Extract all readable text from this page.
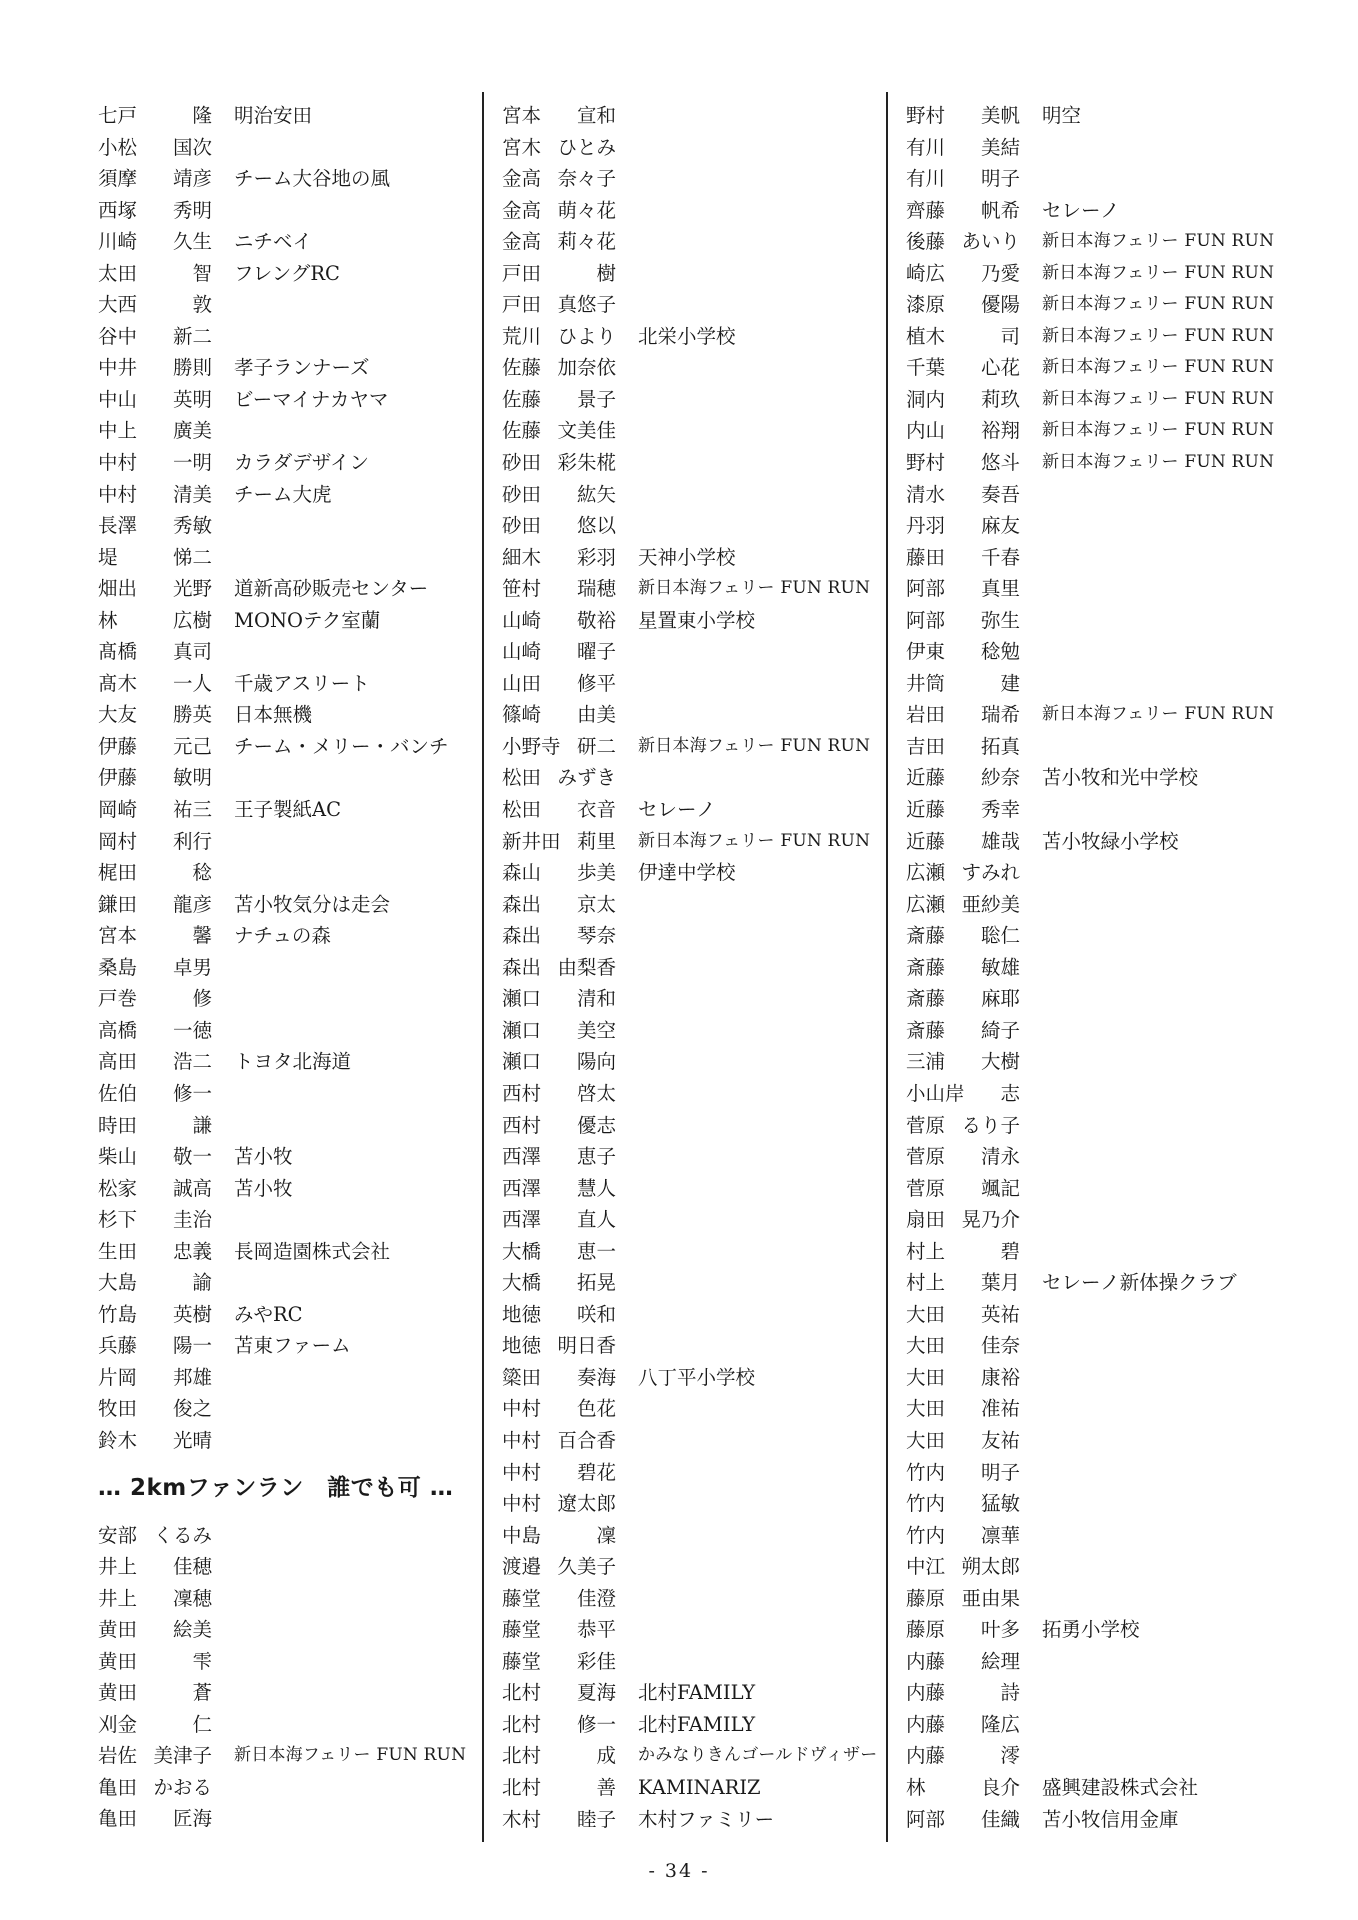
七戸	隆 明治安田
小松 国次
須摩 靖彦 チーム大谷地の風
西塚 秀明
川崎 久生 ニチベイ
太田	智 フレングRC
大西	敦
谷中 新二
中井 勝則 孝子ランナーズ
中山 英明 ビーマイナカヤマ
中上 廣美
中村 一明 カラダデザイン
中村 清美 チーム大虎
長澤 秀敏
堤	悌二
畑出 光野 道新高砂販売センター
林	広樹 MONOテク室蘭
髙橋 真司
髙木 一人 千歳アスリート
大友 勝英 日本無機
伊藤 元己 チーム・メリー・バンチ
伊藤 敏明
岡崎 祐三 王子製紙AC
岡村 利行
梶田	稔
鎌田 龍彦 苫小牧気分は走会
宮本	馨 ナチュの森
桑島 卓男
戸巻	修
高橋 一徳
高田 浩二 トヨタ北海道
佐伯 修一
時田	謙
柴山 敬一 苫小牧
松家 誠高 苫小牧
杉下 圭治
生田 忠義 長岡造園株式会社
大島	諭
竹島 英樹 みやRC
兵藤 陽一 苫東ファーム
片岡 邦雄
牧田 俊之
鈴木 光晴
… 2kmファンラン　誰でも可 …
安部 くるみ
井上 佳穂
井上 凜穂
黄田 絵美
黄田	雫
黄田	蒼
刈金	仁
岩佐 美津子 新日本海フェリー FUN RUN
亀田 かおる
亀田 匠海
宮本 宣和
宮木 ひとみ
金高 奈々子
金高 萌々花
金高 莉々花
戸田	樹
戸田 真悠子
荒川 ひより 北栄小学校
佐藤 加奈依
佐藤 景子
佐藤 文美佳
砂田 彩朱椛
砂田 紘矢
砂田 悠以
細木 彩羽 天神小学校
笹村 瑞穂 新日本海フェリー FUN RUN
山崎 敬裕 星置東小学校
山崎 曜子
山田 修平
篠崎 由美
小野寺 研二 新日本海フェリー FUN RUN
松田 みずき
松田 衣音 セレーノ
新井田 莉里 新日本海フェリー FUN RUN
森山 歩美 伊達中学校
森出 京太
森出 琴奈
森出 由梨香
瀬口 清和
瀬口 美空
瀬口 陽向
西村 啓太
西村 優志
西澤 恵子
西澤 慧人
西澤 直人
大橋 恵一
大橋 拓晃
地徳 咲和
地徳 明日香
簗田 奏海 八丁平小学校
中村 色花
中村 百合香
中村 碧花
中村 遼太郎
中島	凜
渡邉 久美子
藤堂 佳澄
藤堂 恭平
藤堂 彩佳
北村 夏海 北村FAMILY
北村 修一 北村FAMILY
北村	成 かみなりきんゴールドヴィザー
北村	善 KAMINARIZ
木村 睦子 木村ファミリー
野村 美帆 明空
有川 美結
有川 明子
齊藤 帆希 セレーノ
後藤 あいり 新日本海フェリー FUN RUN
崎広 乃愛 新日本海フェリー FUN RUN
漆原 優陽 新日本海フェリー FUN RUN
植木	司 新日本海フェリー FUN RUN
千葉 心花 新日本海フェリー FUN RUN
洞内 莉玖 新日本海フェリー FUN RUN
内山 裕翔 新日本海フェリー FUN RUN
野村 悠斗 新日本海フェリー FUN RUN
清水 奏吾
丹羽 麻友
藤田 千春
阿部 真里
阿部 弥生
伊東 稔勉
井筒	建
岩田 瑞希 新日本海フェリー FUN RUN
吉田 拓真
近藤 紗奈 苫小牧和光中学校
近藤 秀幸
近藤 雄哉 苫小牧緑小学校
広瀬 すみれ
広瀬 亜紗美
斎藤 聡仁
斎藤 敏雄
斎藤 麻耶
斎藤 綺子
三浦 大樹
小山岸 志
菅原 るり子
菅原 清永
菅原 颯記
扇田 晃乃介
村上	碧
村上 葉月 セレーノ新体操クラブ
大田 英祐
大田 佳奈
大田 康裕
大田 准祐
大田 友祐
竹内 明子
竹内 猛敏
竹内 凛華
中江 朔太郎
藤原 亜由果
藤原 叶多 拓勇小学校
内藤 絵理
内藤	詩
内藤 隆広
内藤	澪
林	良介 盛興建設株式会社
阿部 佳織 苫小牧信用金庫
- 34 -
